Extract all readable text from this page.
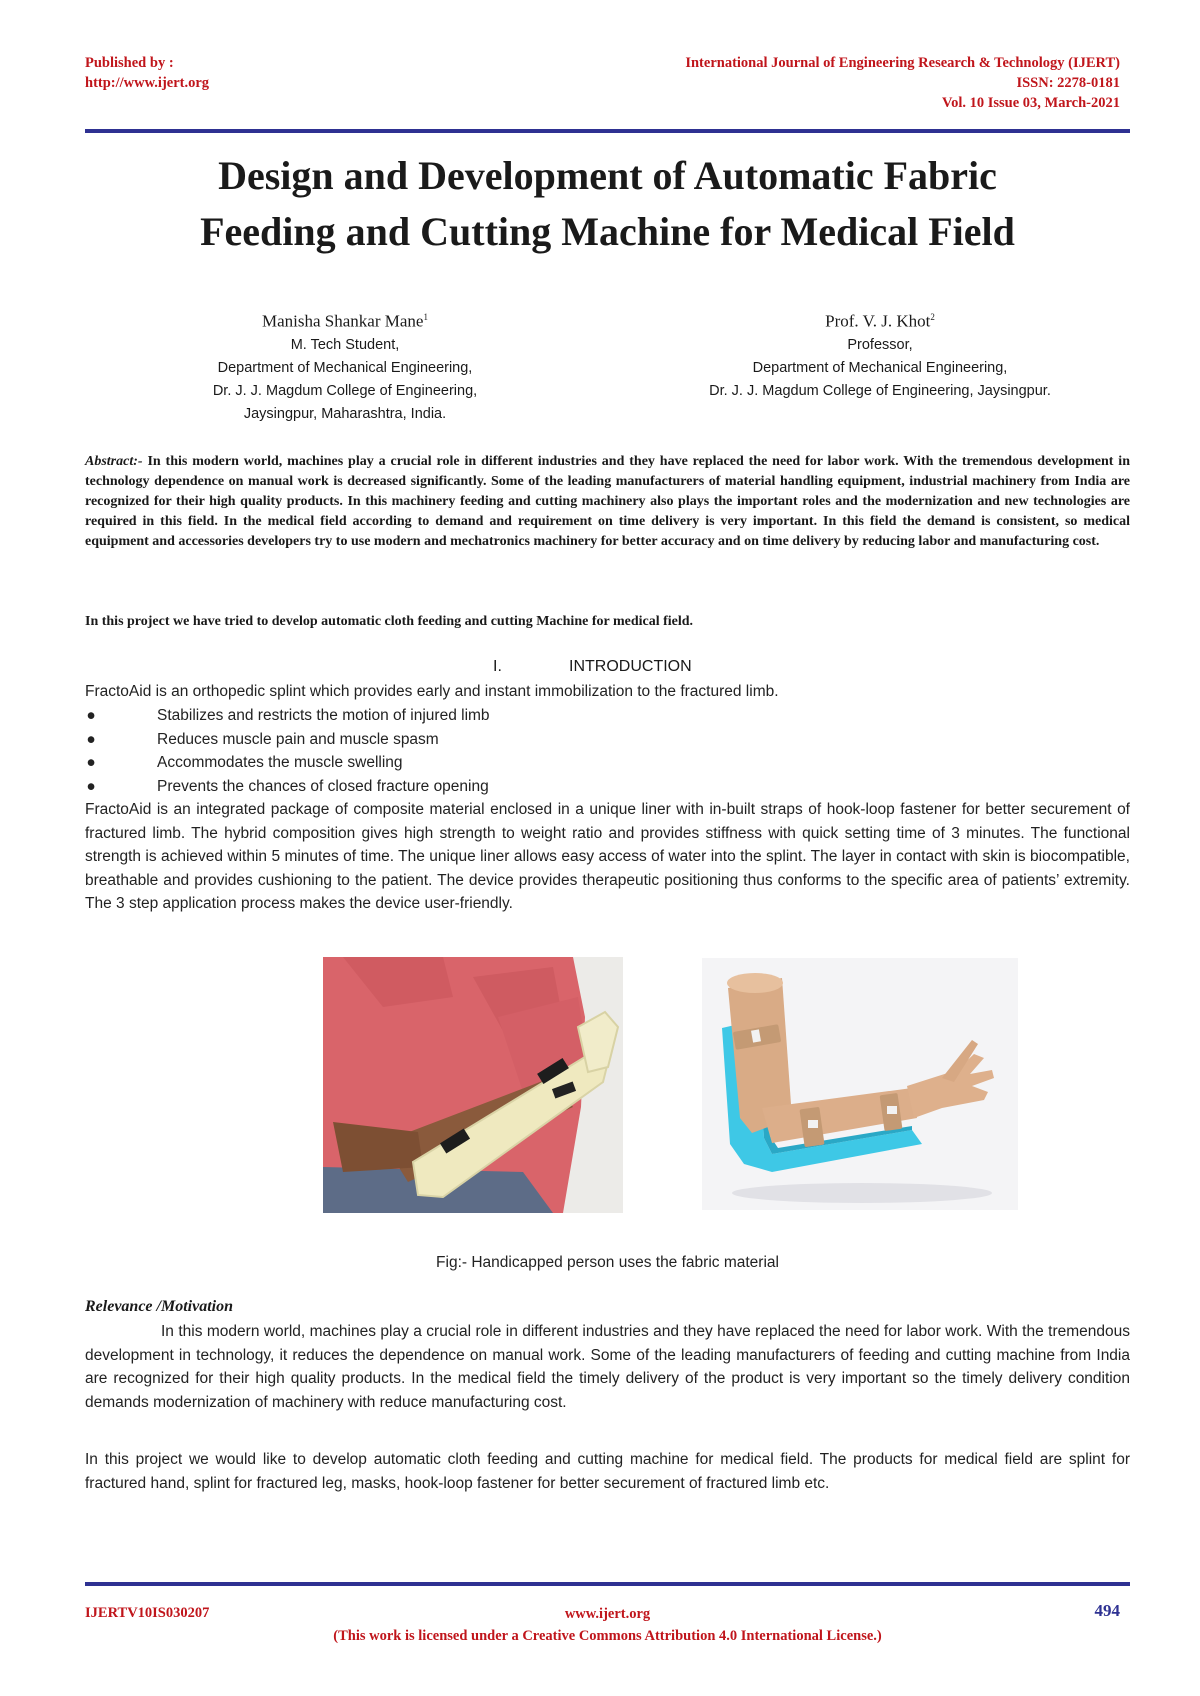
Published by :
http://www.ijert.org
International Journal of Engineering Research & Technology (IJERT)
ISSN: 2278-0181
Vol. 10 Issue 03, March-2021
Design and Development of Automatic Fabric
Feeding and Cutting Machine for Medical Field
Manisha Shankar Mane$^1$
M. Tech Student,
Department of Mechanical Engineering,
Dr. J. J. Magdum College of Engineering,
Jaysingpur, Maharashtra, India.
Prof. V. J. Khot$^2$
Professor,
Department of Mechanical Engineering,
Dr. J. J. Magdum College of Engineering, Jaysingpur.
Abstract:- In this modern world, machines play a crucial role in different industries and they have replaced the need for labor work. With the tremendous development in technology dependence on manual work is decreased significantly. Some of the leading manufacturers of material handling equipment, industrial machinery from India are recognized for their high quality products. In this machinery feeding and cutting machinery also plays the important roles and the modernization and new technologies are required in this field. In the medical field according to demand and requirement on time delivery is very important. In this field the demand is consistent, so medical equipment and accessories developers try to use modern and mechatronics machinery for better accuracy and on time delivery by reducing labor and manufacturing cost.
In this project we have tried to develop automatic cloth feeding and cutting Machine for medical field.
I.	INTRODUCTION
FractoAid is an orthopedic splint which provides early and instant immobilization to the fractured limb.
●	Stabilizes and restricts the motion of injured limb
●	Reduces muscle pain and muscle spasm
●	Accommodates the muscle swelling
●	Prevents the chances of closed fracture opening
FractoAid is an integrated package of composite material enclosed in a unique liner with in-built straps of hook-loop fastener for better securement of fractured limb. The hybrid composition gives high strength to weight ratio and provides stiffness with quick setting time of 3 minutes. The functional strength is achieved within 5 minutes of time. The unique liner allows easy access of water into the splint. The layer in contact with skin is biocompatible, breathable and provides cushioning to the patient. The device provides therapeutic positioning thus conforms to the specific area of patients’ extremity. The 3 step application process makes the device user-friendly.
Fig:- Handicapped person uses the fabric material
Relevance /Motivation
In this modern world, machines play a crucial role in different industries and they have replaced the need for labor work. With the tremendous development in technology, it reduces the dependence on manual work. Some of the leading manufacturers of feeding and cutting machine from India are recognized for their high quality products. In the medical field the timely delivery of the product is very important so the timely delivery condition demands modernization of machinery with reduce manufacturing cost.
In this project we would like to develop automatic cloth feeding and cutting machine for medical field. The products for medical field are splint for fractured hand, splint for fractured leg, masks, hook-loop fastener for better securement of fractured limb etc.
IJERTV10IS030207	www.ijert.org
(This work is licensed under a Creative Commons Attribution 4.0 International License.)
494
